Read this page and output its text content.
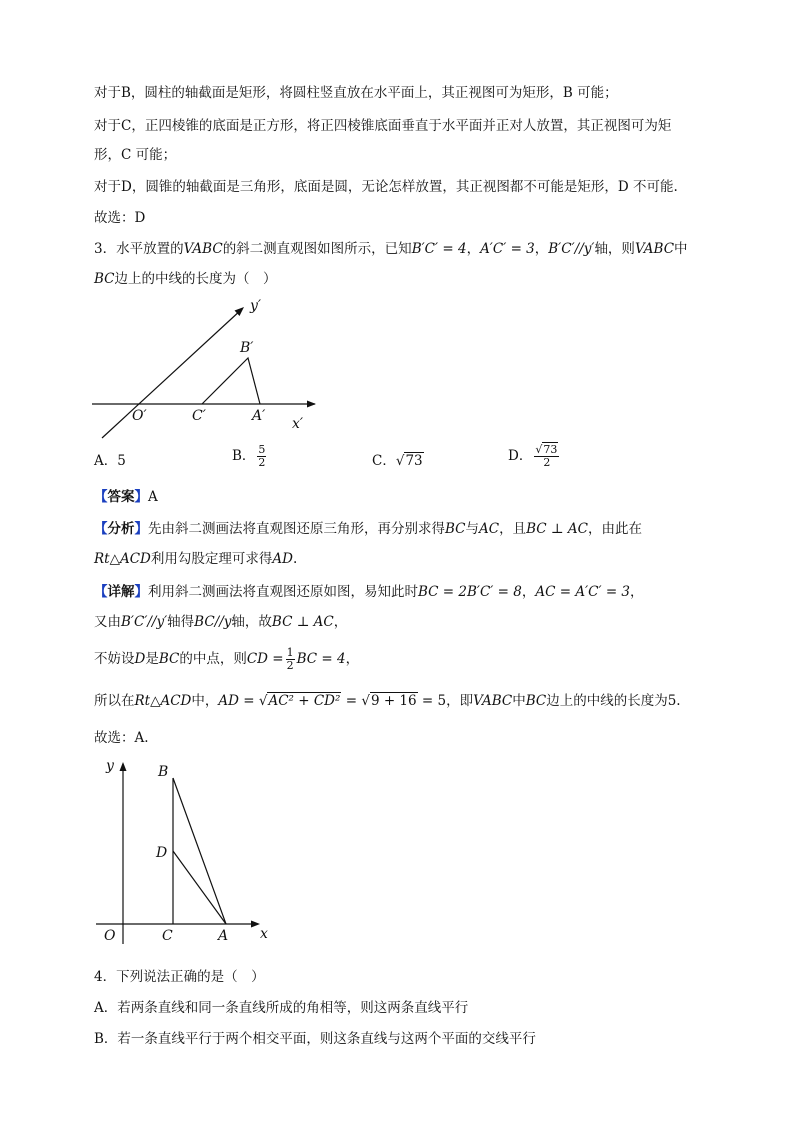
对于B，圆柱的轴截面是矩形，将圆柱竖直放在水平面上，其正视图可为矩形，B 可能；
对于C，正四棱锥的底面是正方形，将正四棱锥底面垂直于水平面并正对人放置，其正视图可为矩
形，C 可能；
对于D，圆锥的轴截面是三角形，底面是圆，无论怎样放置，其正视图都不可能是矩形，D 不可能.
故选：D
3．水平放置的VABC的斜二测直观图如图所示，已知B′C′ = 4，A′C′ = 3，B′C′//y′轴，则VABC中
BC边上的中线的长度为（　）
y′
B′
O′	C′	A′ x′
A．5	B． $\frac{5}{2}$	C．√73	D． $\frac{√73}{2}$
【答案】A
【分析】先由斜二测画法将直观图还原三角形，再分别求得BC与AC，且BC ⊥ AC，由此在
Rt△ACD利用勾股定理可求得AD.
【详解】利用斜二测画法将直观图还原如图，易知此时BC = 2B′C′ = 8，AC = A′C′ = 3，
又由B′C′//y′轴得BC//y轴，故BC ⊥ AC，
不妨设D是BC的中点，则CD = $\frac{1}{2}$ BC = 4，
所以在Rt△ACD中，AD = √AC² + CD² = √9 + 16 = 5，即VABC中BC边上的中线的长度为5.
故选：A.
y	B
D
O	C	A x
4．下列说法正确的是（　）
A．若两条直线和同一条直线所成的角相等，则这两条直线平行
B．若一条直线平行于两个相交平面，则这条直线与这两个平面的交线平行
